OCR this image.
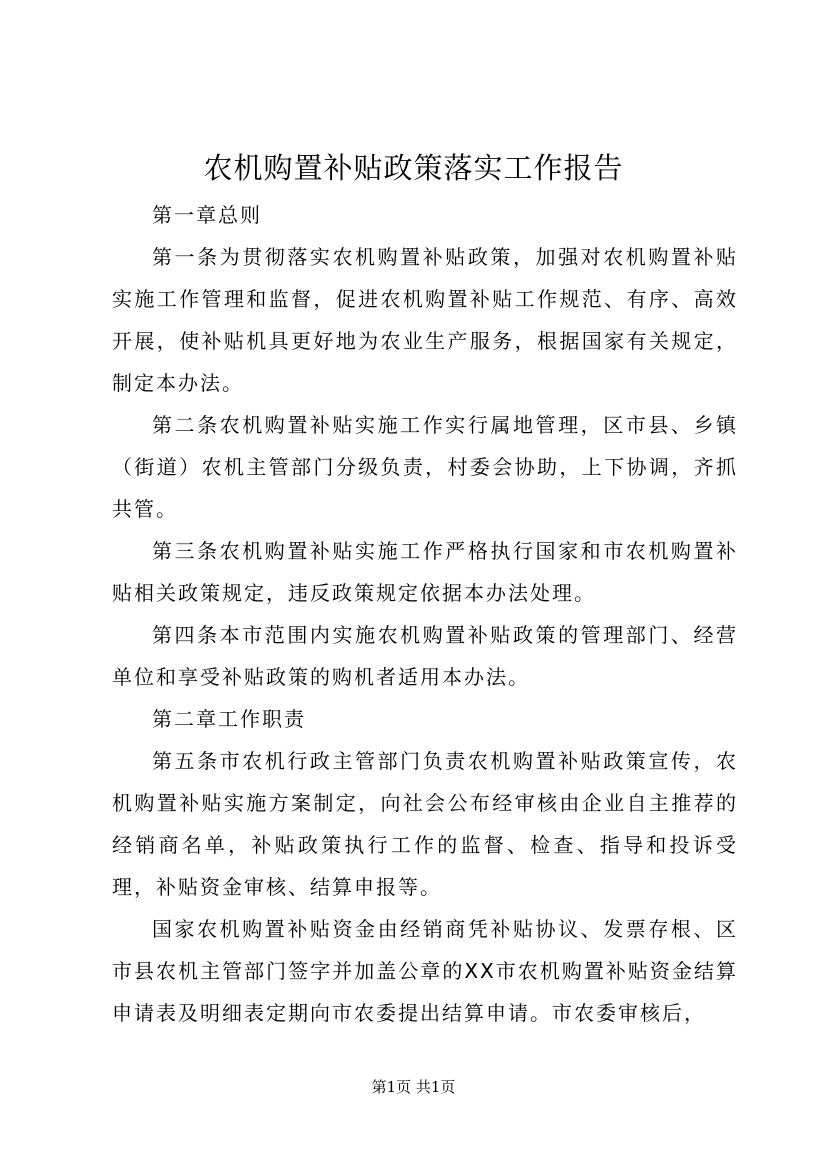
农机购置补贴政策落实工作报告

第一章总则

第一条为贯彻落实农机购置补贴政策，加强对农机购置补贴实施工作管理和监督，促进农机购置补贴工作规范、有序、高效开展，使补贴机具更好地为农业生产服务，根据国家有关规定，制定本办法。

第二条农机购置补贴实施工作实行属地管理，区市县、乡镇（街道）农机主管部门分级负责，村委会协助，上下协调，齐抓共管。

第三条农机购置补贴实施工作严格执行国家和市农机购置补贴相关政策规定，违反政策规定依据本办法处理。

第四条本市范围内实施农机购置补贴政策的管理部门、经营单位和享受补贴政策的购机者适用本办法。

第二章工作职责

第五条市农机行政主管部门负责农机购置补贴政策宣传，农机购置补贴实施方案制定，向社会公布经审核由企业自主推荐的经销商名单，补贴政策执行工作的监督、检查、指导和投诉受理，补贴资金审核、结算申报等。

国家农机购置补贴资金由经销商凭补贴协议、发票存根、区市县农机主管部门签字并加盖公章的XX市农机购置补贴资金结算申请表及明细表定期向市农委提出结算申请。市农委审核后，

第1页 共1页
